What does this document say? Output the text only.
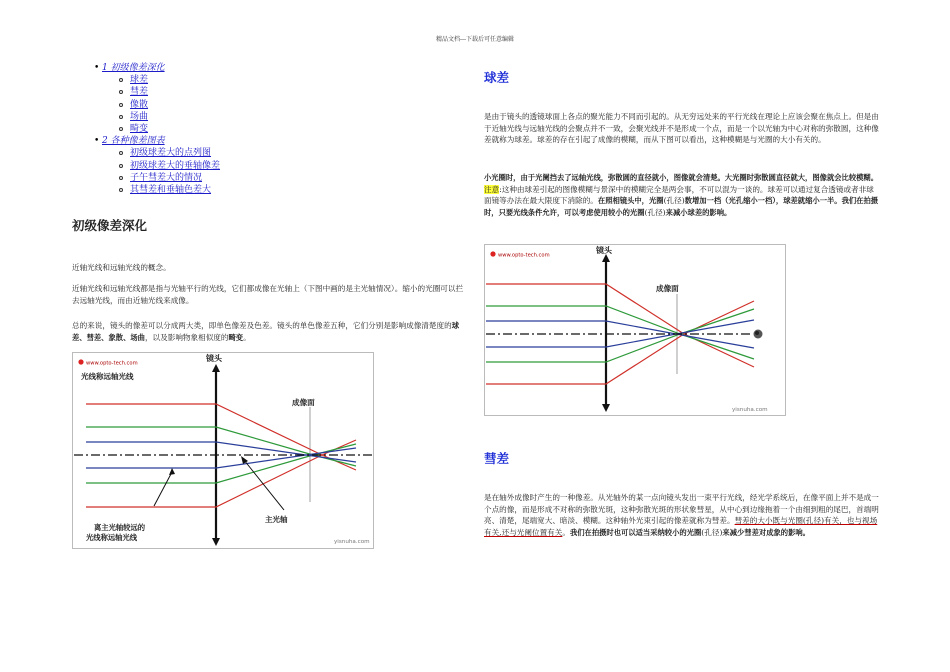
精品文档---下载后可任意编辑
• 1 初级像差深化
球差
彗差
像散
场曲
畸变
• 2 各种像差图表
初级球差大的点列图
初级球差大的垂轴像差
子午彗差大的情况
其彗差和垂轴色差大
初级像差深化

近轴光线和远轴光线的概念。

近轴光线和远轴光线都是指与光轴平行的光线，它们都成像在光轴上（下图中画的是主光轴情况）。缩小的光圈可以拦去远轴光线，而由近轴光线来成像。

总的来说，镜头的像差可以分成两大类，即单色像差及色差。镜头的单色像差五种，它们分别是影响成像清楚度的球差、彗差、象散、场曲，以及影响物象相似度的畸变。

www.opto-tech.com
光线称远轴光线
镜头
成像面
主光轴
离主光轴较远的
光线称远轴光线	yisnuha.com
球差

是由于镜头的透镜球面上各点的聚光能力不同而引起的。从无穷远处来的平行光线在理论上应该会聚在焦点上。但是由于近轴光线与远轴光线的会聚点并不一致，会聚光线并不是形成一个点，而是一个以光轴为中心对称的弥散圆，这种像差就称为球差。球差的存在引起了成像的模糊，而从下图可以看出，这种模糊是与光圈的大小有关的。

小光圈时，由于光阑挡去了远轴光线，弥散圆的直径就小，图像就会清楚。大光圈时弥散圆直径就大，图像就会比较模糊。注意:这种由球差引起的图像模糊与景深中的模糊完全是两会事，不可以混为一谈的。球差可以通过复合透镜或者非球面镜等办法在最大限度下消除的。在照相镜头中，光圈(孔径)数增加一档（光孔缩小一档），球差就缩小一半。我们在拍摄时，只要光线条件允许，可以考虑使用较小的光圈(孔径)来减小球差的影响。

www.opto-tech.com
镜头
成像面
yisnuha.com
彗差

是在轴外成像时产生的一种像差。从光轴外的某一点向镜头发出一束平行光线，经光学系统后，在像平面上并不是成一个点的像，而是形成不对称的弥散光斑，这种弥散光斑的形状象彗星，从中心到边缘拖着一个由细到粗的尾巴，首端明亮、清楚，尾端宽大、暗淡、模糊。这种轴外光束引起的像差就称为彗差。彗差的大小既与光圈(孔径)有关，也与视场有关,还与光阑位置有关。我们在拍摄时也可以适当采纳较小的光圈(孔径)来减少彗差对成象的影响。
